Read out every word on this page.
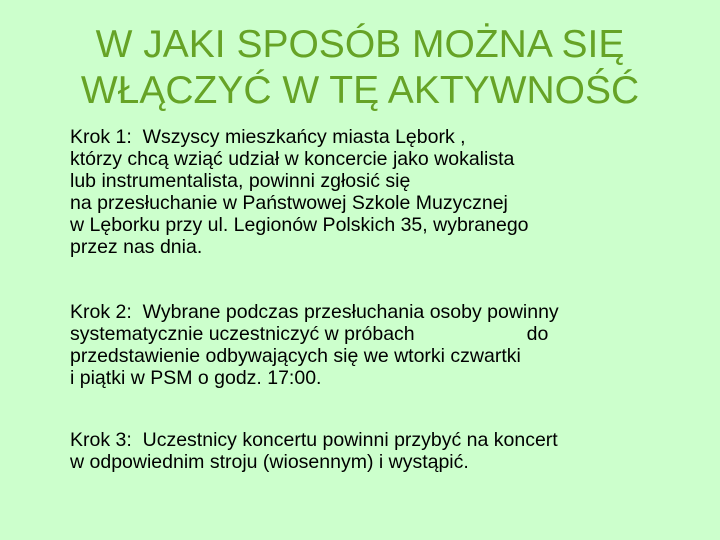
W JAKI SPOSÓB MOŻNA SIĘ
WŁĄCZYĆ W TĘ AKTYWNOŚĆ

Krok 1:  Wszyscy mieszkańcy miasta Lębork ,
którzy chcą wziąć udział w koncercie jako wokalista
lub instrumentalista, powinni zgłosić się
na przesłuchanie w Państwowej Szkole Muzycznej
w Lęborku przy ul. Legionów Polskich 35, wybranego
przez nas dnia.

Krok 2:  Wybrane podczas przesłuchania osoby powinny
systematycznie uczestniczyć w próbach	do
przedstawienie odbywających się we wtorki czwartki
i piątki w PSM o godz. 17:00.

Krok 3:  Uczestnicy koncertu powinni przybyć na koncert
w odpowiednim stroju (wiosennym) i wystąpić.
